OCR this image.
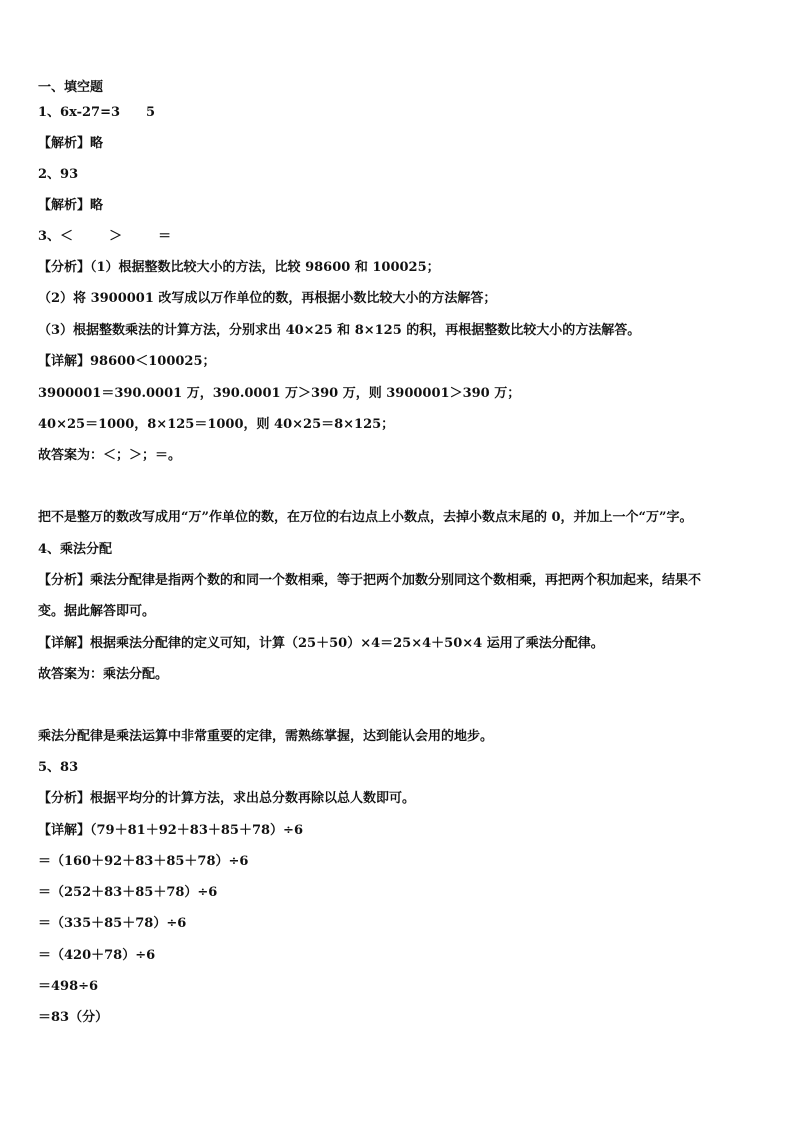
一、填空题
1、6x-27=3 5
【解析】略
2、93
【解析】略
3、＜	＞	＝
【分析】（1）根据整数比较大小的方法，比较 98600 和 100025；
（2）将 3900001 改写成以万作单位的数，再根据小数比较大小的方法解答；
（3）根据整数乘法的计算方法，分别求出 40×25 和 8×125 的积，再根据整数比较大小的方法解答。
【详解】98600＜100025；
3900001＝390.0001 万，390.0001 万＞390 万，则 3900001＞390 万；
40×25＝1000，8×125＝1000，则 40×25＝8×125；
故答案为：＜；＞；＝。
把不是整万的数改写成用“万”作单位的数，在万位的右边点上小数点，去掉小数点末尾的 0，并加上一个“万”字。
4、乘法分配
【分析】乘法分配律是指两个数的和同一个数相乘，等于把两个加数分别同这个数相乘，再把两个积加起来，结果不
变。据此解答即可。
【详解】根据乘法分配律的定义可知，计算（25＋50）×4＝25×4＋50×4 运用了乘法分配律。
故答案为：乘法分配。
乘法分配律是乘法运算中非常重要的定律，需熟练掌握，达到能认会用的地步。
5、83
【分析】根据平均分的计算方法，求出总分数再除以总人数即可。
【详解】（79＋81＋92＋83＋85＋78）÷6
＝（160＋92＋83＋85＋78）÷6
＝（252＋83＋85＋78）÷6
＝（335＋85＋78）÷6
＝（420＋78）÷6
＝498÷6
＝83（分）
